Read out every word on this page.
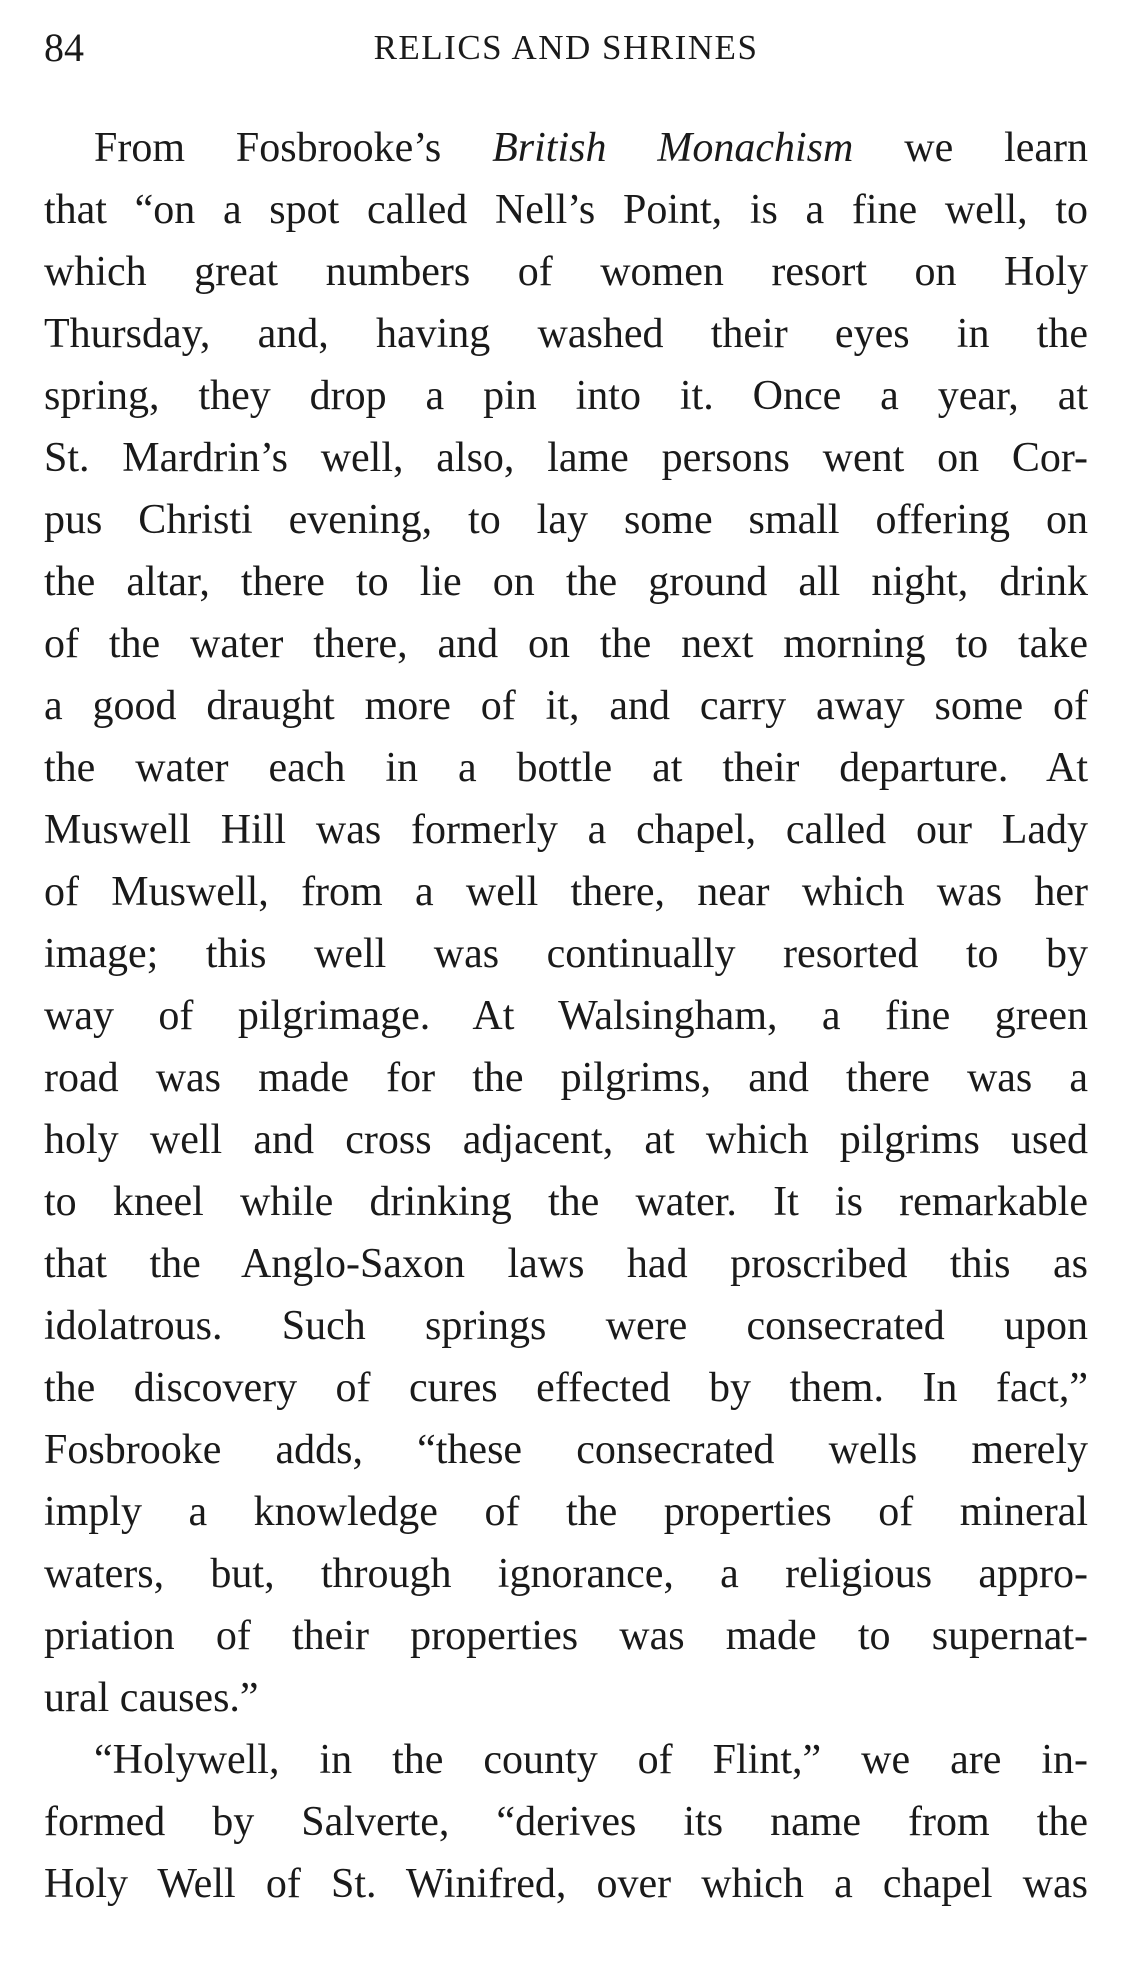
84	RELICS AND SHRINES
From Fosbrooke’s British Monachism we learn
that “on a spot called Nell’s Point, is a fine well, to
which great numbers of women resort on Holy
Thursday, and, having washed their eyes in the
spring, they drop a pin into it. Once a year, at
St. Mardrin’s well, also, lame persons went on Cor-
pus Christi evening, to lay some small offering on
the altar, there to lie on the ground all night, drink
of the water there, and on the next morning to take
a good draught more of it, and carry away some of
the water each in a bottle at their departure. At
Muswell Hill was formerly a chapel, called our Lady
of Muswell, from a well there, near which was her
image; this well was continually resorted to by
way of pilgrimage. At Walsingham, a fine green
road was made for the pilgrims, and there was a
holy well and cross adjacent, at which pilgrims used
to kneel while drinking the water. It is remarkable
that the Anglo-Saxon laws had proscribed this as
idolatrous. Such springs were consecrated upon
the discovery of cures effected by them. In fact,”
Fosbrooke adds, “these consecrated wells merely
imply a knowledge of the properties of mineral
waters, but, through ignorance, a religious appro-
priation of their properties was made to supernat-
ural causes.”
“Holywell, in the county of Flint,” we are in-
formed by Salverte, “derives its name from the
Holy Well of St. Winifred, over which a chapel was
